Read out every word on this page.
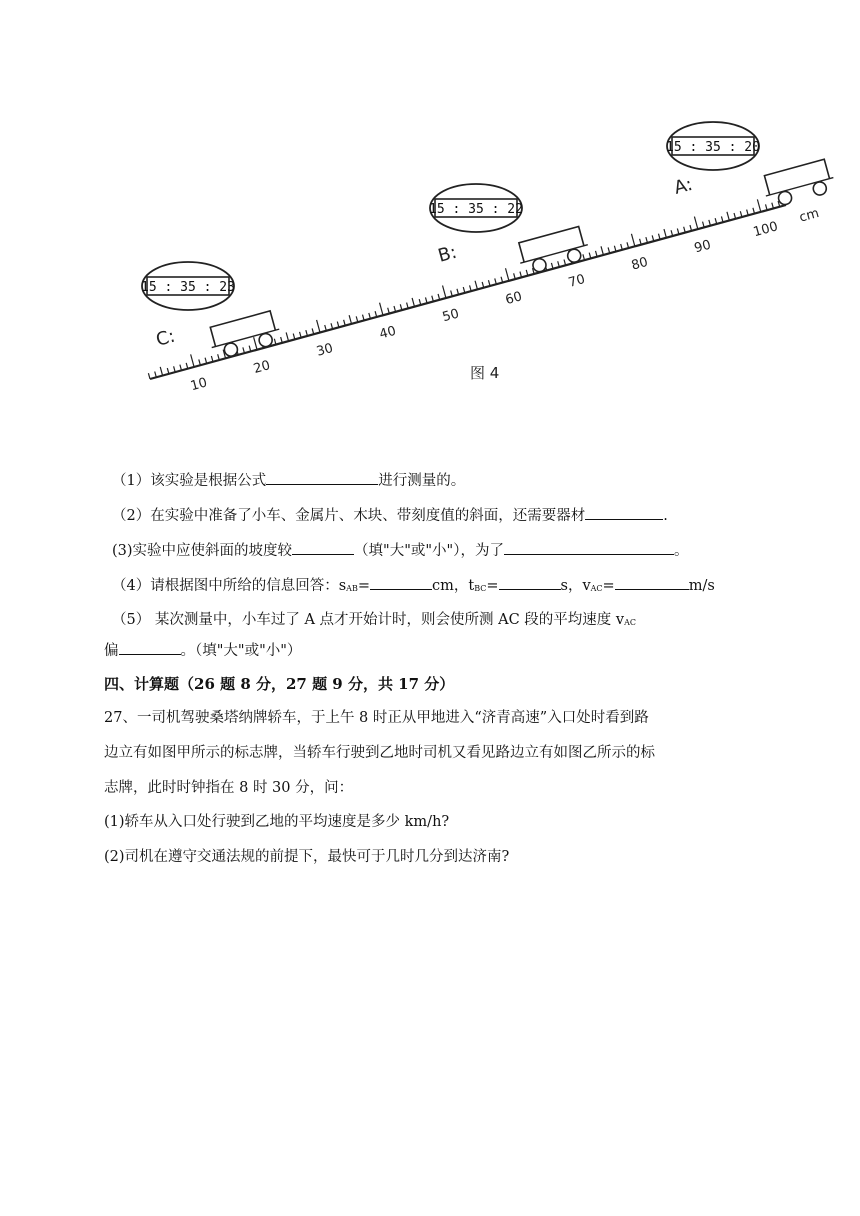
10
20
30
40
50
60
70
80
90
100
cm
C:
15 : 35 : 23
B:
15 : 35 : 22
A:
15 : 35 : 20
图 4
（1）该实验是根据公式	进行测量的。
（2）在实验中准备了小车、金属片、木块、带刻度值的斜面，还需要器材	.
(3)实验中应使斜面的坡度较	（填"大"或"小"），为了	。
（4）请根据图中所给的信息回答：sAB=	cm，tBC=	s，vAC=	m/s
（5） 某次测量中，小车过了 A 点才开始计时，则会使所测 AC 段的平均速度 vAC
偏	。（填"大"或"小"）
四、计算题（26 题 8 分，27 题 9 分，共 17 分）
27、一司机驾驶桑塔纳牌轿车，于上午 8 时正从甲地进入“济青高速”入口处时看到路
边立有如图甲所示的标志牌，当轿车行驶到乙地时司机又看见路边立有如图乙所示的标
志牌，此时时钟指在 8 时 30 分，问：
(1)轿车从入口处行驶到乙地的平均速度是多少 km/h?
(2)司机在遵守交通法规的前提下，最快可于几时几分到达济南?
